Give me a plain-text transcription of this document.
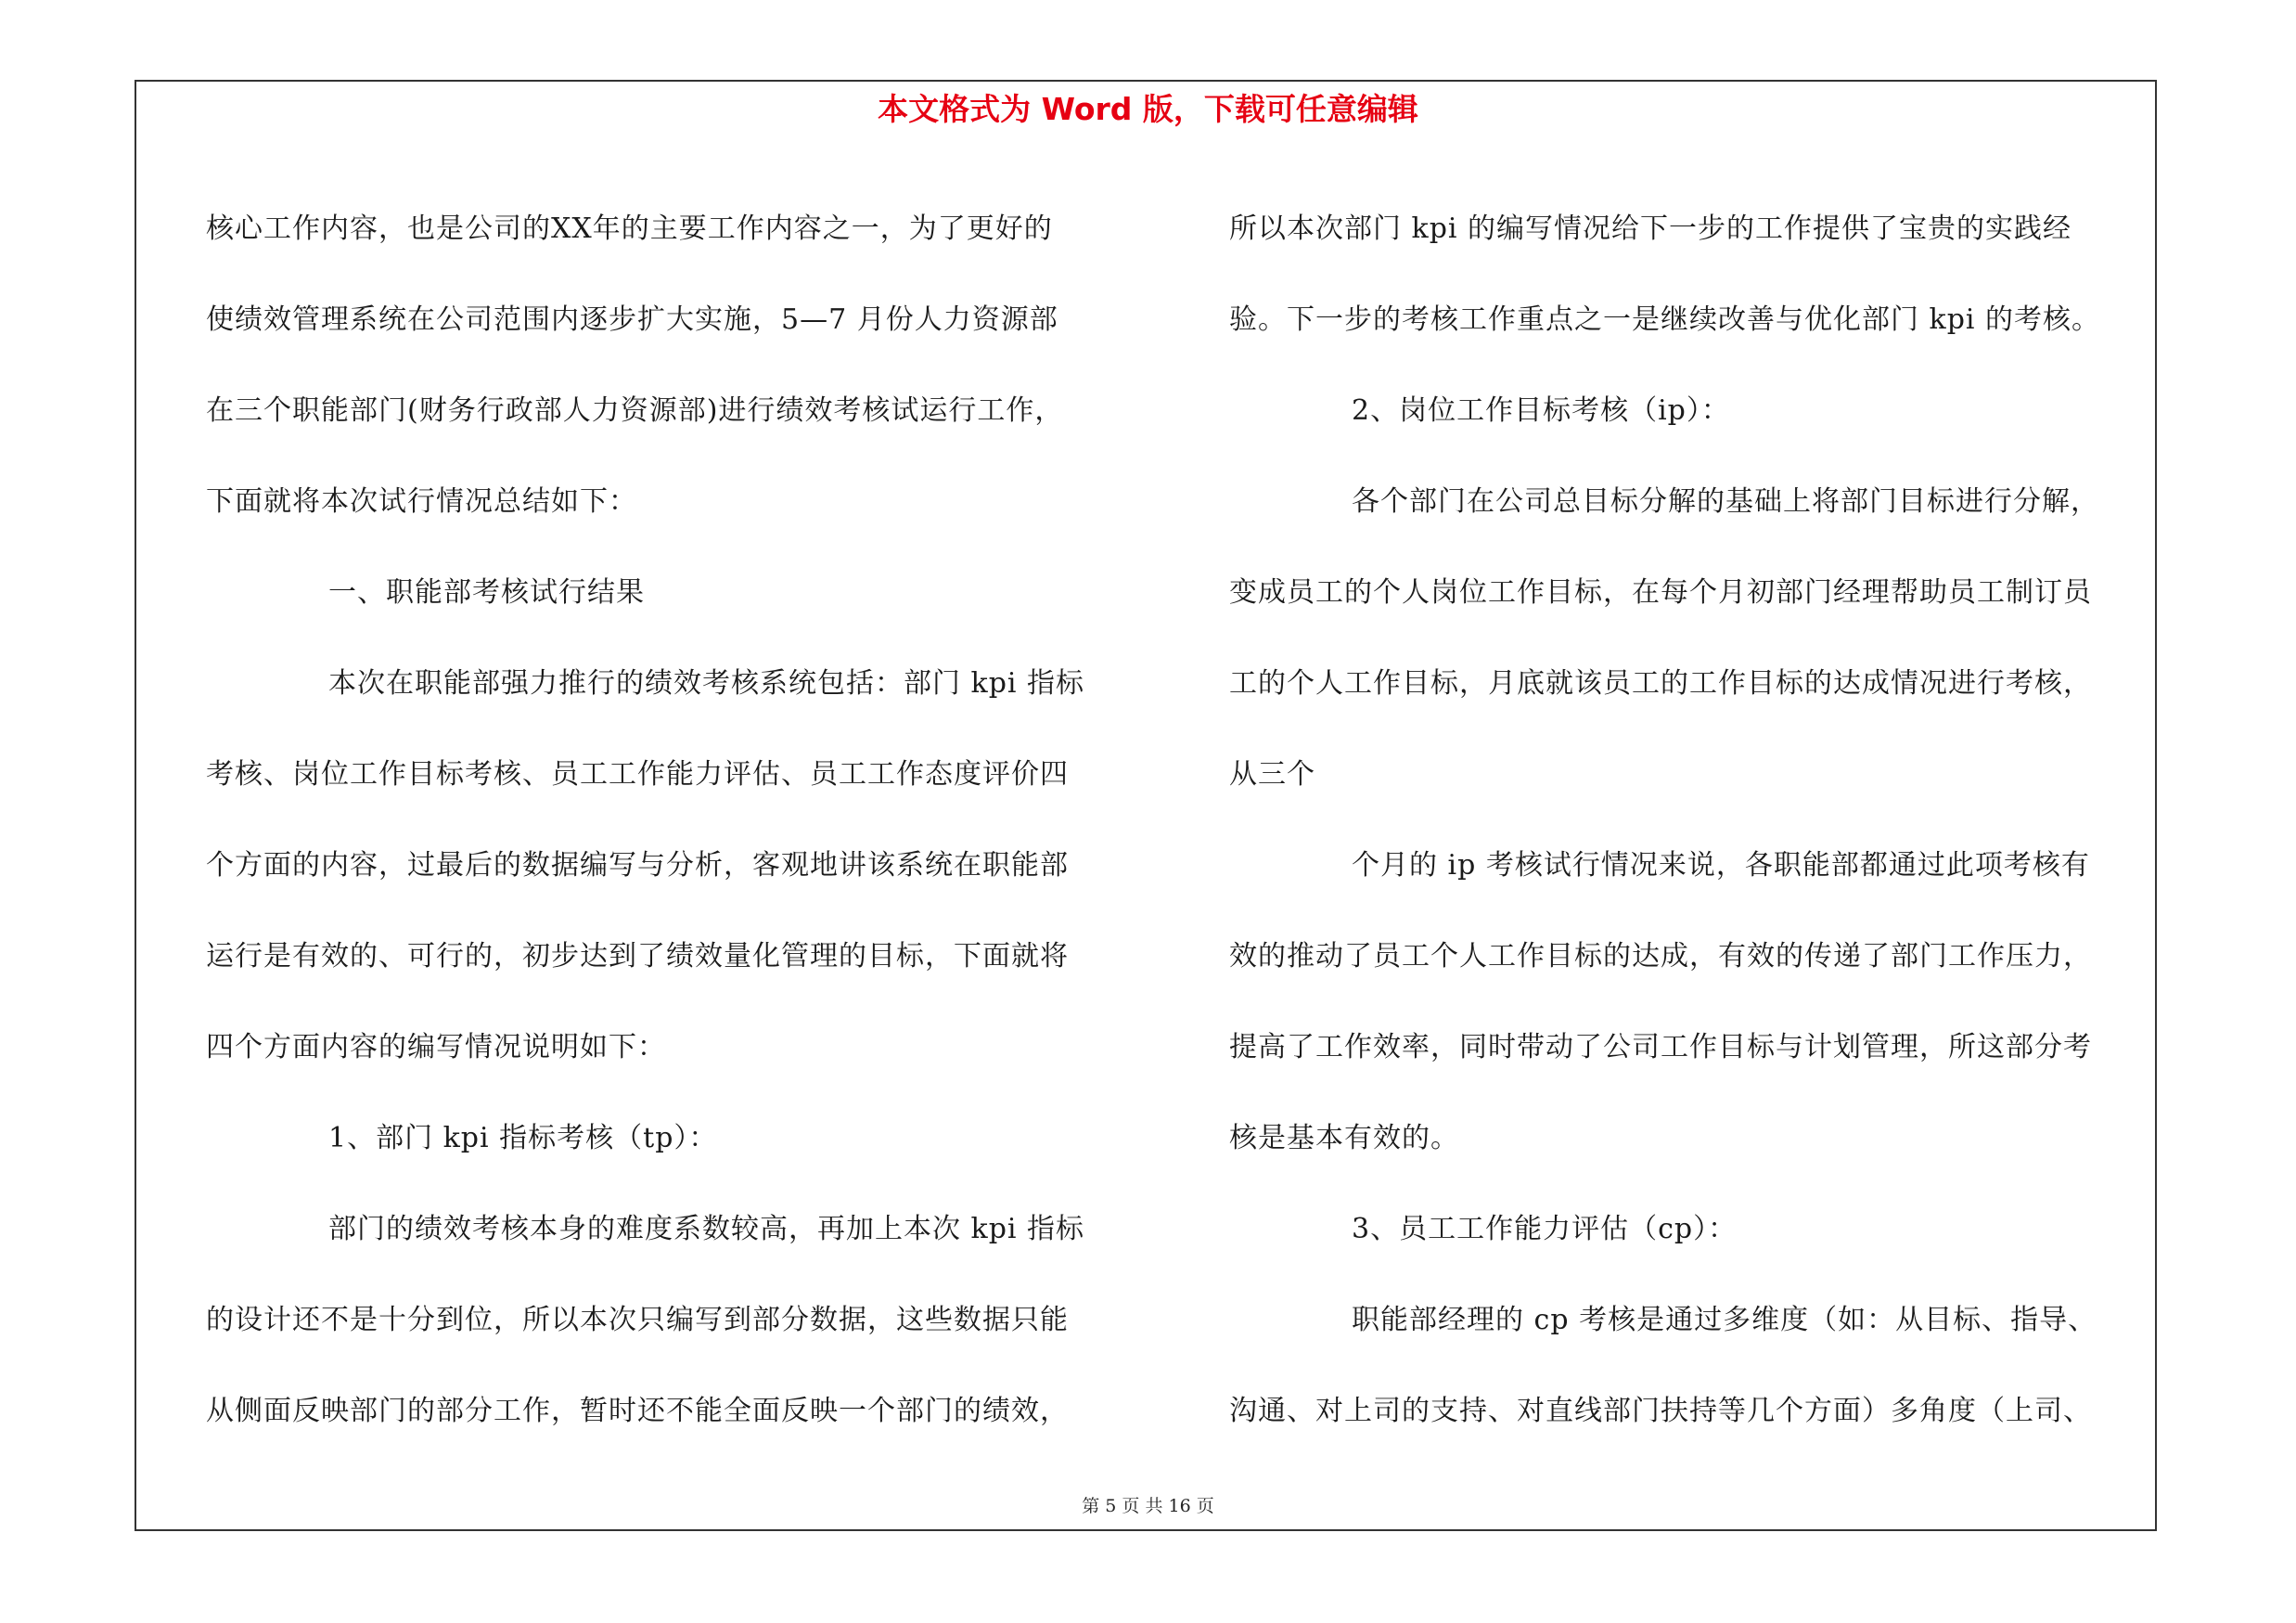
本文格式为 Word 版，下载可任意编辑
核心工作内容，也是公司的XX年的主要工作内容之一，为了更好的
使绩效管理系统在公司范围内逐步扩大实施，5—7 月份人力资源部
在三个职能部门(财务行政部人力资源部)进行绩效考核试运行工作，
下面就将本次试行情况总结如下：
一、职能部考核试行结果
本次在职能部强力推行的绩效考核系统包括：部门 kpi 指标
考核、岗位工作目标考核、员工工作能力评估、员工工作态度评价四
个方面的内容，过最后的数据编写与分析，客观地讲该系统在职能部
运行是有效的、可行的，初步达到了绩效量化管理的目标，下面就将
四个方面内容的编写情况说明如下：
1、部门 kpi 指标考核（tp）：
部门的绩效考核本身的难度系数较高，再加上本次 kpi 指标
的设计还不是十分到位，所以本次只编写到部分数据，这些数据只能
从侧面反映部门的部分工作，暂时还不能全面反映一个部门的绩效，
所以本次部门 kpi 的编写情况给下一步的工作提供了宝贵的实践经
验。下一步的考核工作重点之一是继续改善与优化部门 kpi 的考核。
2、岗位工作目标考核（ip）：
各个部门在公司总目标分解的基础上将部门目标进行分解，
变成员工的个人岗位工作目标，在每个月初部门经理帮助员工制订员
工的个人工作目标，月底就该员工的工作目标的达成情况进行考核，
从三个
个月的 ip 考核试行情况来说，各职能部都通过此项考核有
效的推动了员工个人工作目标的达成，有效的传递了部门工作压力，
提高了工作效率，同时带动了公司工作目标与计划管理，所这部分考
核是基本有效的。
3、员工工作能力评估（cp）：
职能部经理的 cp 考核是通过多维度（如：从目标、指导、
沟通、对上司的支持、对直线部门扶持等几个方面）多角度（上司、
第 5 页 共 16 页
